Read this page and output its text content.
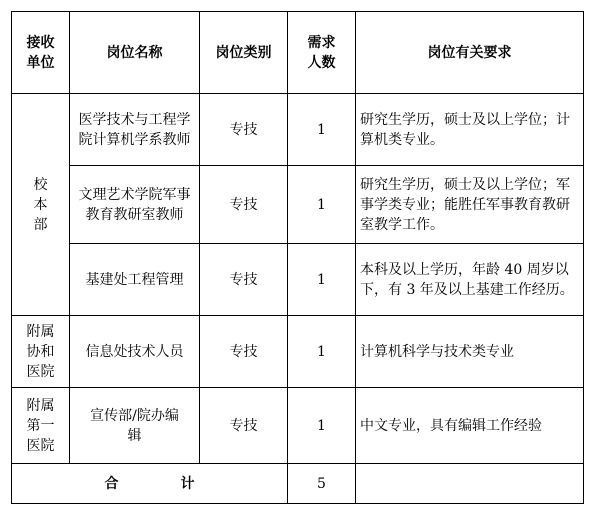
接收单位	岗位名称	岗位类别	需求人数	岗位有关要求
校本部	医学技术与工程学院计算机学系教师	专技	1	研究生学历，硕士及以上学位；计算机类专业。
	文理艺术学院军事教育教研室教师	专技	1	研究生学历，硕士及以上学位；军事学类专业；能胜任军事教育教研室教学工作。
	基建处工程管理	专技	1	本科及以上学历，年龄 40 周岁以下，有 3 年及以上基建工作经历。
附属协和医院	信息处技术人员	专技	1	计算机科学与技术类专业
附属第一医院	宣传部/院办编辑	专技	1	中文专业，具有编辑工作经验
合 计			5	
